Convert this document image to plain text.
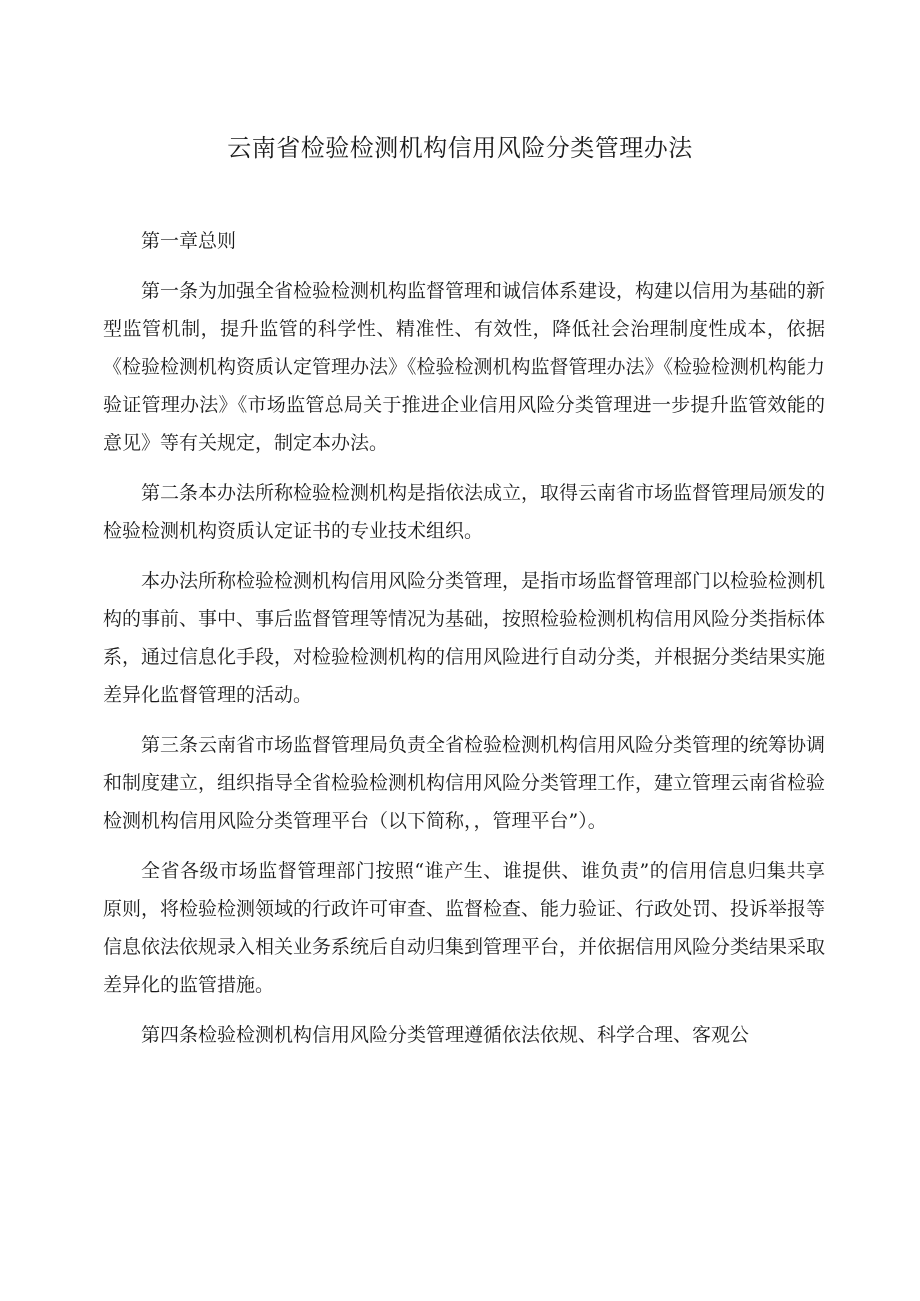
云南省检验检测机构信用风险分类管理办法

第一章总则

第一条为加强全省检验检测机构监督管理和诚信体系建设，构建以信用为基础的新型监管机制，提升监管的科学性、精准性、有效性，降低社会治理制度性成本，依据《检验检测机构资质认定管理办法》《检验检测机构监督管理办法》《检验检测机构能力验证管理办法》《市场监管总局关于推进企业信用风险分类管理进一步提升监管效能的意见》等有关规定，制定本办法。

第二条本办法所称检验检测机构是指依法成立，取得云南省市场监督管理局颁发的检验检测机构资质认定证书的专业技术组织。

本办法所称检验检测机构信用风险分类管理，是指市场监督管理部门以检验检测机构的事前、事中、事后监督管理等情况为基础，按照检验检测机构信用风险分类指标体系，通过信息化手段，对检验检测机构的信用风险进行自动分类，并根据分类结果实施差异化监督管理的活动。

第三条云南省市场监督管理局负责全省检验检测机构信用风险分类管理的统筹协调和制度建立，组织指导全省检验检测机构信用风险分类管理工作，建立管理云南省检验检测机构信用风险分类管理平台（以下简称，，管理平台”）。

全省各级市场监督管理部门按照“谁产生、谁提供、谁负责”的信用信息归集共享原则，将检验检测领域的行政许可审查、监督检查、能力验证、行政处罚、投诉举报等信息依法依规录入相关业务系统后自动归集到管理平台，并依据信用风险分类结果采取差异化的监管措施。

第四条检验检测机构信用风险分类管理遵循依法依规、科学合理、客观公
